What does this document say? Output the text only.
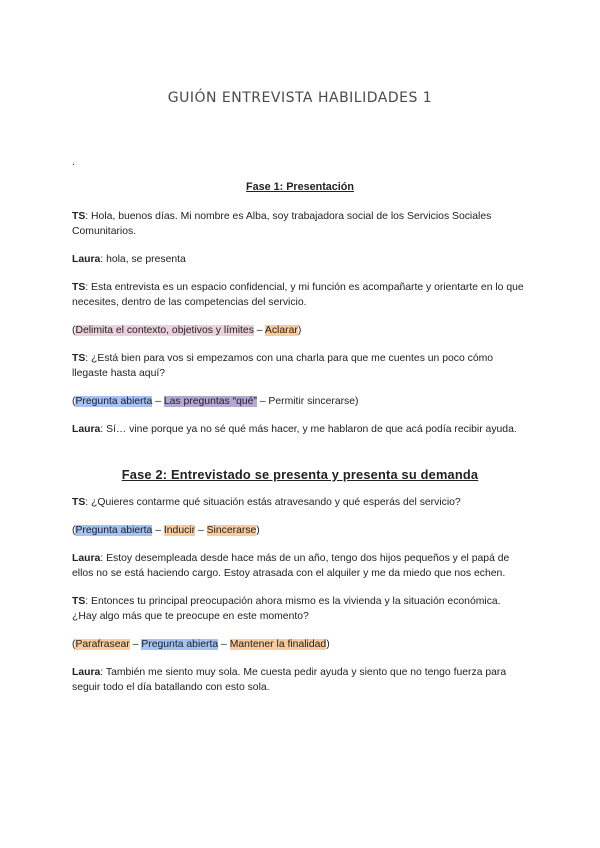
GUIÓN ENTREVISTA HABILIDADES 1
.

Fase 1: Presentación

TS: Hola, buenos días. Mi nombre es Alba, soy trabajadora social de los Servicios Sociales Comunitarios.

Laura: hola, se presenta

TS: Esta entrevista es un espacio confidencial, y mi función es acompañarte y orientarte en lo que necesites, dentro de las competencias del servicio.

(Delimita el contexto, objetivos y límites – Aclarar)

TS: ¿Está bien para vos si empezamos con una charla para que me cuentes un poco cómo llegaste hasta aquí?

(Pregunta abierta – Las preguntas “qué” – Permitir sincerarse)

Laura: Sí… vine porque ya no sé qué más hacer, y me hablaron de que acá podía recibir ayuda.

Fase 2: Entrevistado se presenta y presenta su demanda

TS: ¿Quieres contarme qué situación estás atravesando y qué esperás del servicio?

(Pregunta abierta – Inducir – Sincerarse)

Laura: Estoy desempleada desde hace más de un año, tengo dos hijos pequeños y el papá de ellos no se está haciendo cargo. Estoy atrasada con el alquiler y me da miedo que nos echen.

TS: Entonces tu principal preocupación ahora mismo es la vivienda y la situación económica. ¿Hay algo más que te preocupe en este momento?

(Parafrasear – Pregunta abierta – Mantener la finalidad)

Laura: También me siento muy sola. Me cuesta pedir ayuda y siento que no tengo fuerza para seguir todo el día batallando con esto sola.
